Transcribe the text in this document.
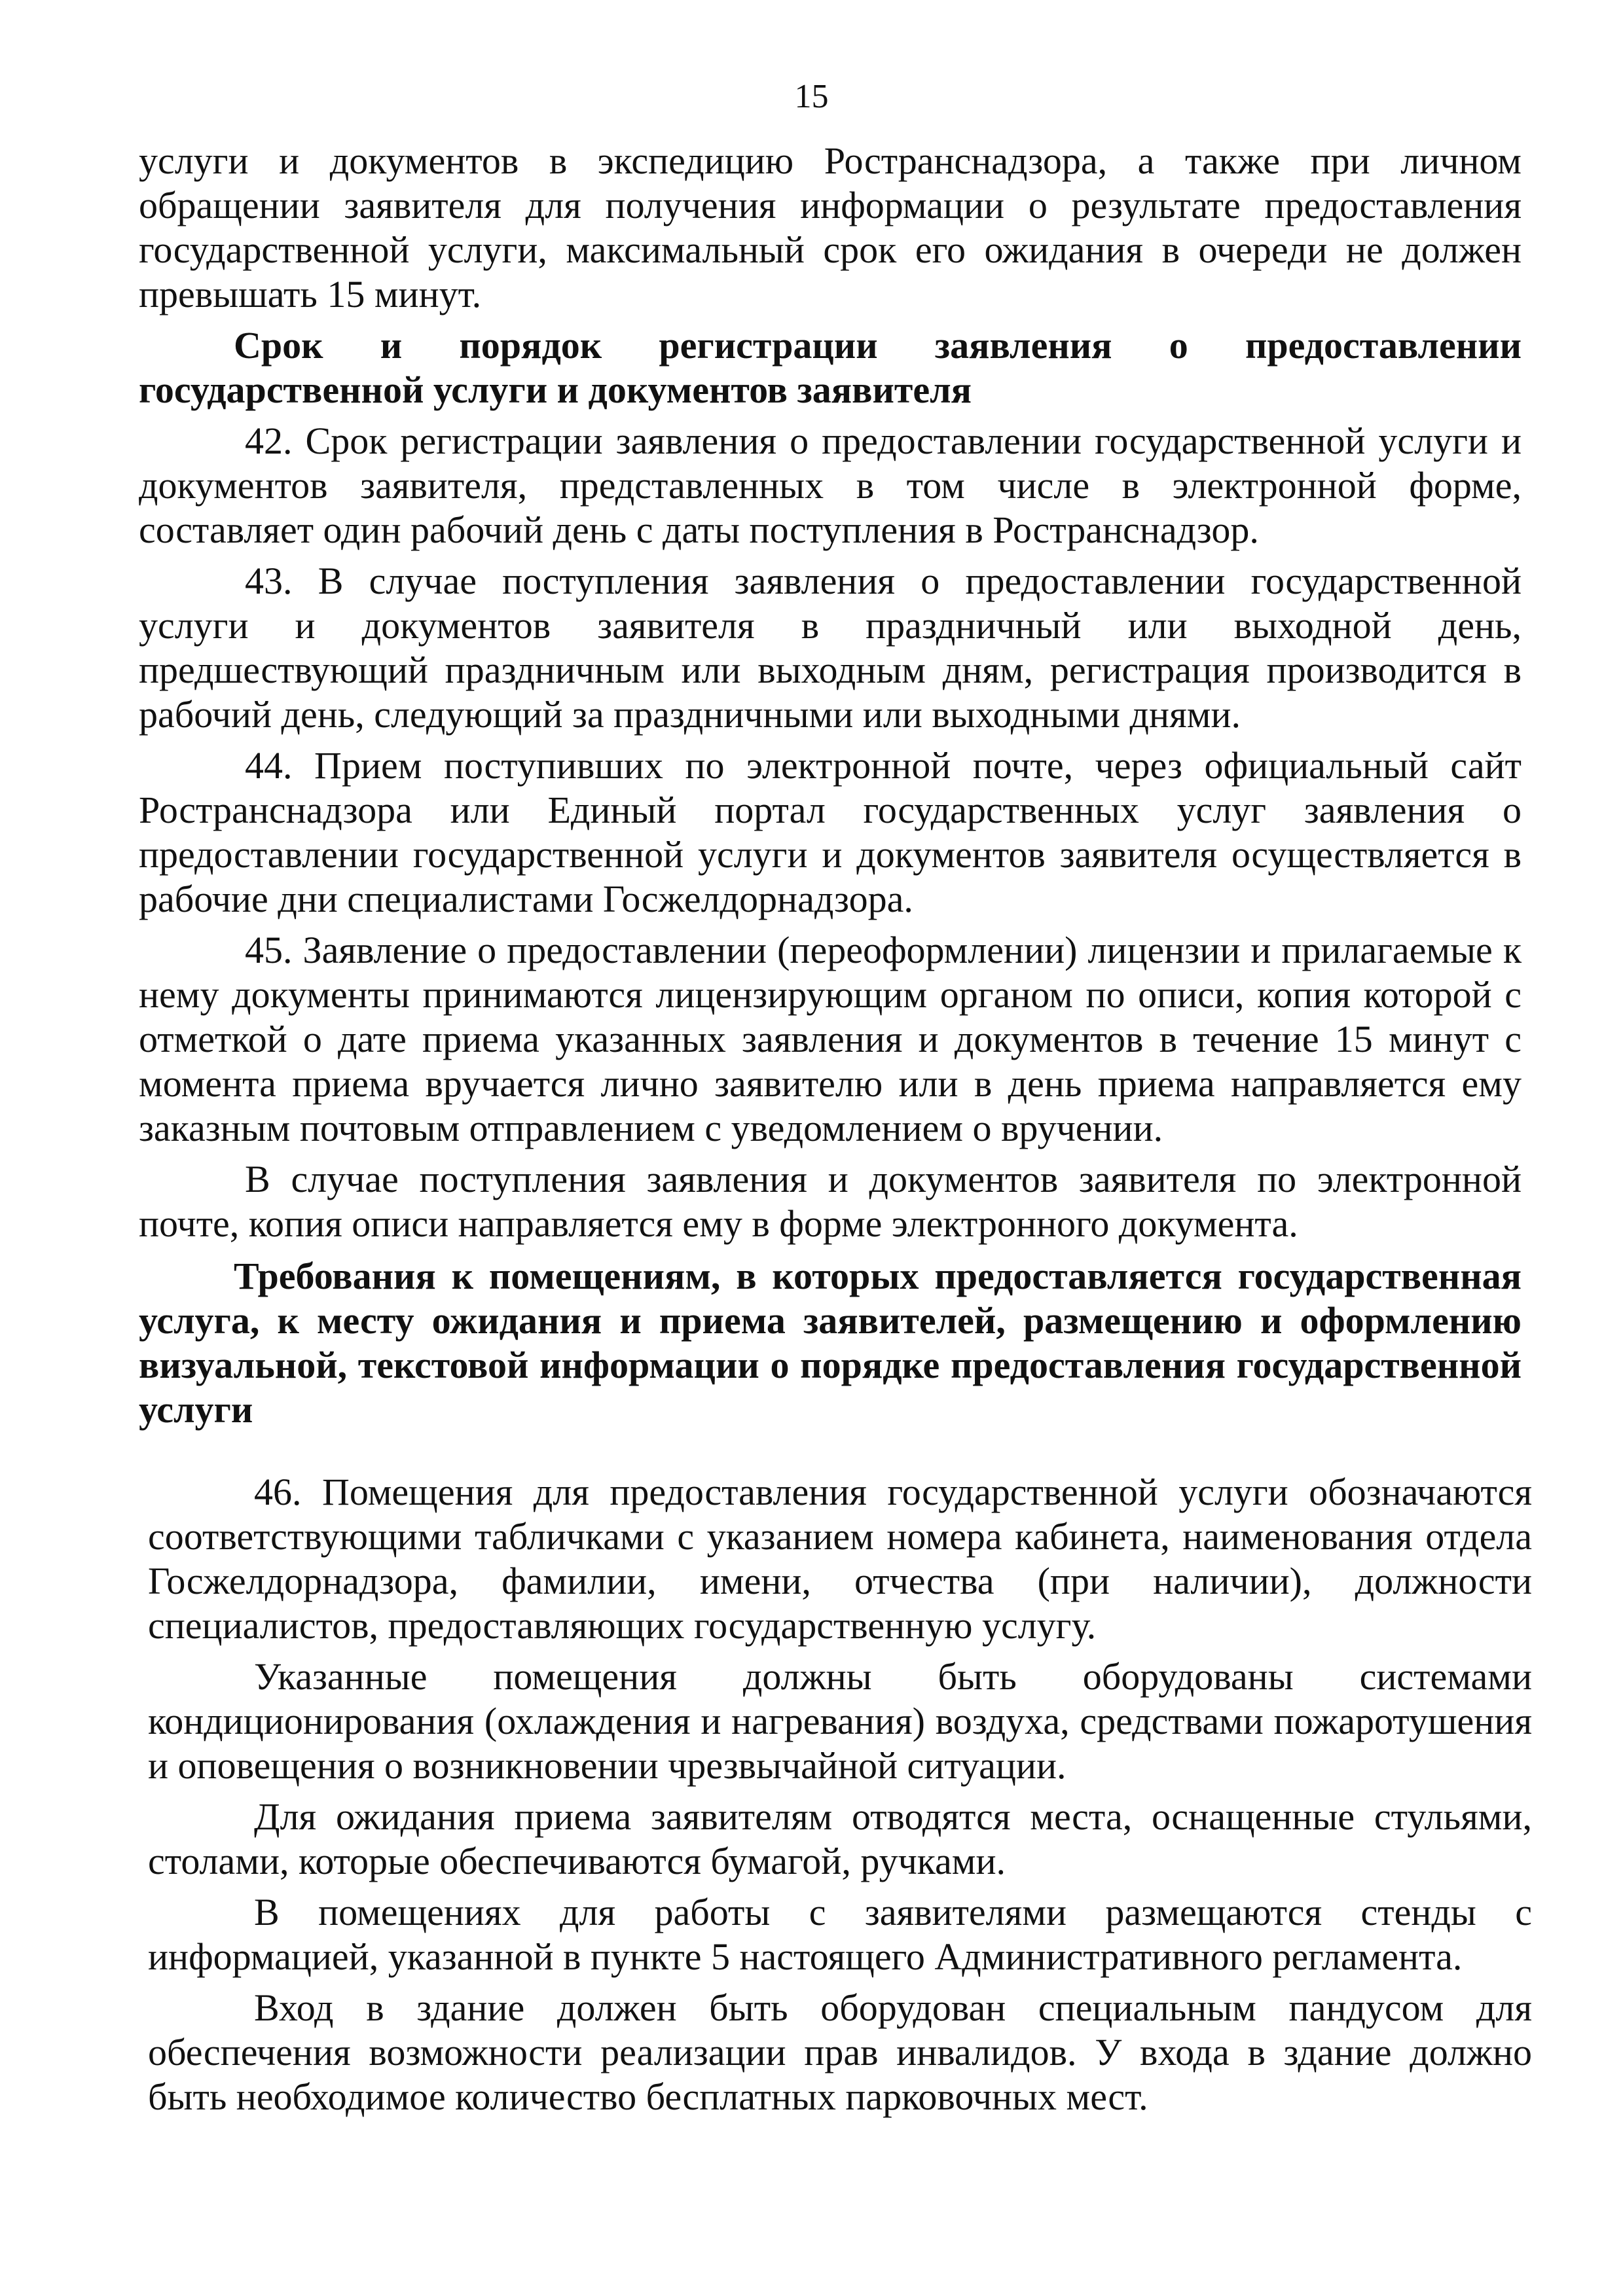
15

услуги и документов в экспедицию Ространснадзора, а также при личном обращении заявителя для получения информации о результате предоставления государственной услуги, максимальный срок его ожидания в очереди не должен превышать 15 минут.

Срок и порядок регистрации заявления о предоставлении государственной услуги и документов заявителя

42. Срок регистрации заявления о предоставлении государственной услуги и документов заявителя, представленных в том числе в электронной форме, составляет один рабочий день с даты поступления в Ространснадзор.

43. В случае поступления заявления о предоставлении государственной услуги и документов заявителя в праздничный или выходной день, предшествующий праздничным или выходным дням, регистрация производится в рабочий день, следующий за праздничными или выходными днями.

44. Прием поступивших по электронной почте, через официальный сайт Ространснадзора или Единый портал государственных услуг заявления о предоставлении государственной услуги и документов заявителя осуществляется в рабочие дни специалистами Госжелдорнадзора.

45. Заявление о предоставлении (переоформлении) лицензии и прилагаемые к нему документы принимаются лицензирующим органом по описи, копия которой с отметкой о дате приема указанных заявления и документов в течение 15 минут с момента приема вручается лично заявителю или в день приема направляется ему заказным почтовым отправлением с уведомлением о вручении.

В случае поступления заявления и документов заявителя по электронной почте, копия описи направляется ему в форме электронного документа.

Требования к помещениям, в которых предоставляется государственная услуга, к месту ожидания и приема заявителей, размещению и оформлению визуальной, текстовой информации о порядке предоставления государственной услуги

46. Помещения для предоставления государственной услуги обозначаются соответствующими табличками с указанием номера кабинета, наименования отдела Госжелдорнадзора, фамилии, имени, отчества (при наличии), должности специалистов, предоставляющих государственную услугу.

Указанные помещения должны быть оборудованы системами кондиционирования (охлаждения и нагревания) воздуха, средствами пожаротушения и оповещения о возникновении чрезвычайной ситуации.

Для ожидания приема заявителям отводятся места, оснащенные стульями, столами, которые обеспечиваются бумагой, ручками.

В помещениях для работы с заявителями размещаются стенды с информацией, указанной в пункте 5 настоящего Административного регламента.

Вход в здание должен быть оборудован специальным пандусом для обеспечения возможности реализации прав инвалидов. У входа в здание должно быть необходимое количество бесплатных парковочных мест.
